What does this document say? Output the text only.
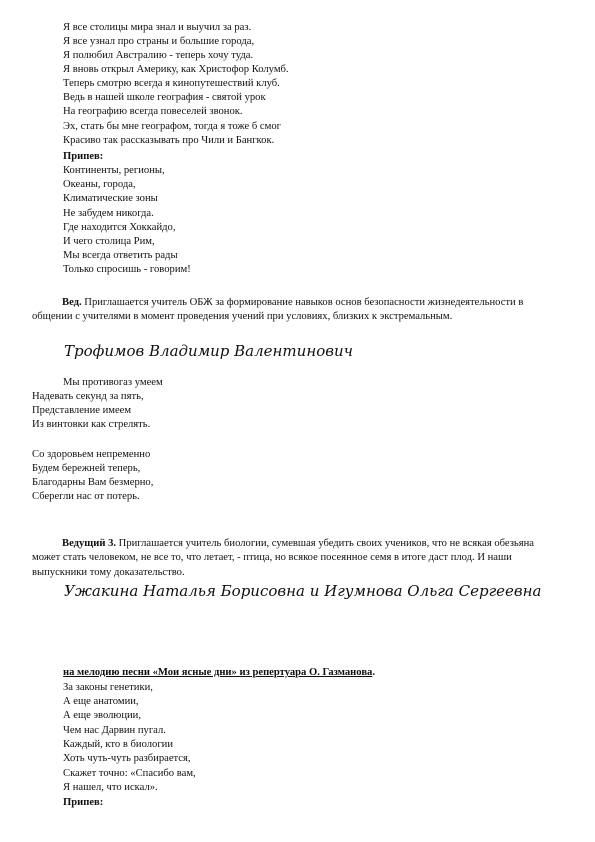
Я все столицы мира знал и выучил за раз.
Я все узнал про страны и большие города,
Я полюбил Австралию - теперь хочу туда.
Я вновь открыл Америку, как Христофор Колумб.
Теперь смотрю всегда я кинопутешествий клуб.
Ведь в нашей школе география - святой урок
На географию всегда повеселей звонок.
Эх, стать бы мне географом, тогда я тоже б смог
Красиво так рассказывать про Чили и Бангкок.
Припев:
Континенты, регионы,
Океаны, города,
Климатические зоны
Не забудем никогда.
Где находится Хоккайдо,
И чего столица Рим,
Мы всегда ответить рады
Только спросишь - говорим!
Вед. Приглашается учитель ОБЖ за формирование навыков основ безопасности жизнедеятельности в общении с учителями в момент проведения учений при условиях, близких к экстремальным.
Трофимов Владимир Валентинович
Мы противогаз умеем
Надевать секунд за пять,
Представление имеем
Из винтовки как стрелять.
Со здоровьем непременно
Будем бережней теперь,
Благодарны Вам безмерно,
Сберегли нас от потерь.
Ведущий 3. Приглашается учитель биологии, сумевшая убедить своих учеников, что не всякая обезьяна может стать человеком, не все то, что летает, - птица, но всякое посеянное семя в итоге даст плод. И наши выпускники тому доказательство.
Ужакина Наталья Борисовна и Игумнова Ольга Сергеевна
на мелодию песни «Мои ясные дни» из репертуара О. Газманова.
За законы генетики,
А еще анатомии,
А еще эволюции,
Чем нас Дарвин пугал.
Каждый, кто в биологии
Хоть чуть-чуть разбирается,
Скажет точно: «Спасибо вам,
Я нашел, что искал».
Припев:
